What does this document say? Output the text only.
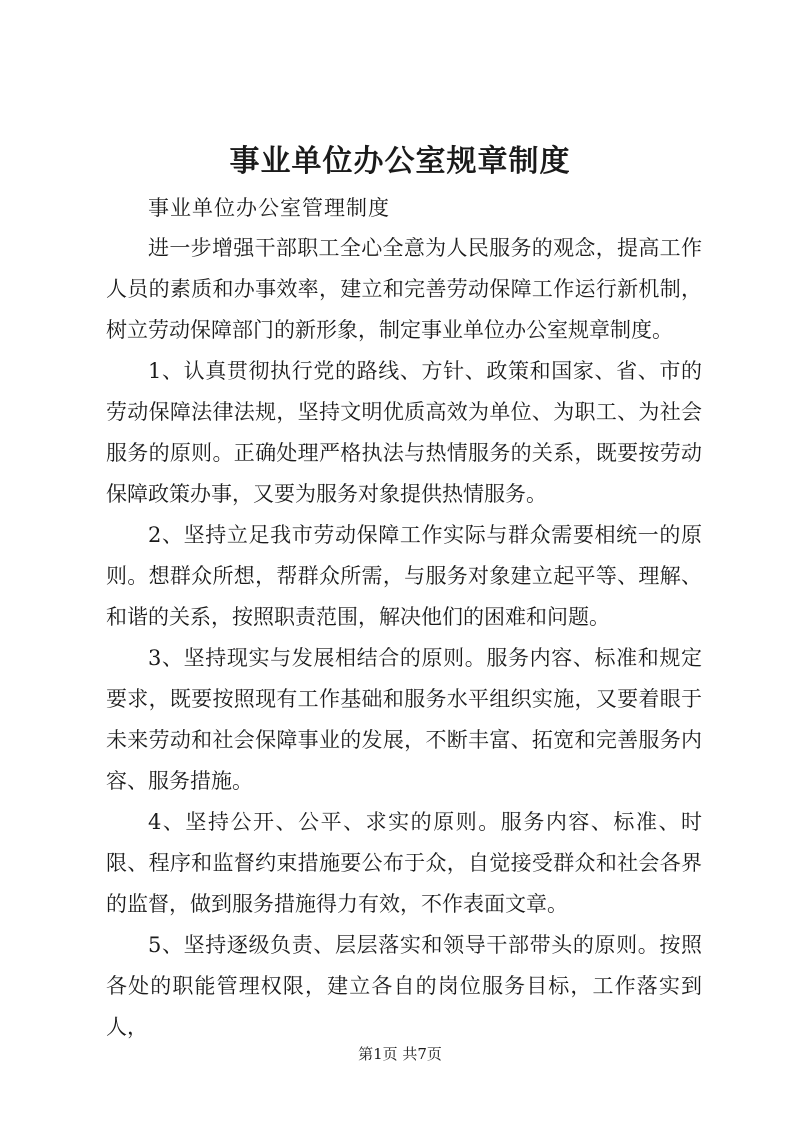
事业单位办公室规章制度
事业单位办公室管理制度

进一步增强干部职工全心全意为人民服务的观念，提高工作人员的素质和办事效率，建立和完善劳动保障工作运行新机制，树立劳动保障部门的新形象，制定事业单位办公室规章制度。

1、认真贯彻执行党的路线、方针、政策和国家、省、市的劳动保障法律法规，坚持文明优质高效为单位、为职工、为社会服务的原则。正确处理严格执法与热情服务的关系，既要按劳动保障政策办事，又要为服务对象提供热情服务。

2、坚持立足我市劳动保障工作实际与群众需要相统一的原则。想群众所想，帮群众所需，与服务对象建立起平等、理解、和谐的关系，按照职责范围，解决他们的困难和问题。

3、坚持现实与发展相结合的原则。服务内容、标准和规定要求，既要按照现有工作基础和服务水平组织实施，又要着眼于未来劳动和社会保障事业的发展，不断丰富、拓宽和完善服务内容、服务措施。

4、坚持公开、公平、求实的原则。服务内容、标准、时限、程序和监督约束措施要公布于众，自觉接受群众和社会各界的监督，做到服务措施得力有效，不作表面文章。

5、坚持逐级负责、层层落实和领导干部带头的原则。按照各处的职能管理权限，建立各自的岗位服务目标，工作落实到人，

第1页 共7页
